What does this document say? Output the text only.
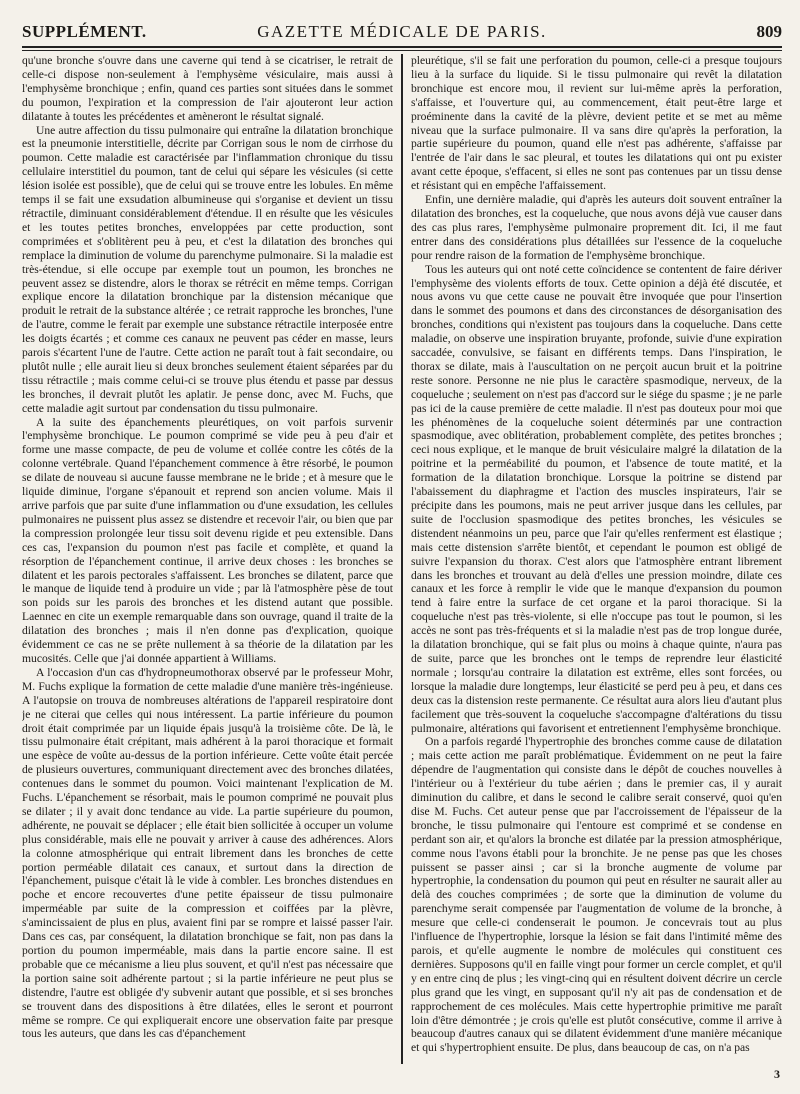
SUPPLÉMENT.	GAZETTE MÉDICALE DE PARIS.	809

qu'une bronche s'ouvre dans une caverne qui tend à se cicatriser, le retrait de celle-ci dispose non-seulement à l'emphysème vésiculaire, mais aussi à l'emphysème bronchique ; enfin, quand ces parties sont situées dans le sommet du poumon, l'expiration et la compression de l'air ajouteront leur action dilatante à toutes les précédentes et amèneront le résultat signalé.

Une autre affection du tissu pulmonaire qui entraîne la dilatation bronchique est la pneumonie interstitielle, décrite par Corrigan sous le nom de cirrhose du poumon. Cette maladie est caractérisée par l'inflammation chronique du tissu cellulaire interstitiel du poumon, tant de celui qui sépare les vésicules (si cette lésion isolée est possible), que de celui qui se trouve entre les lobules. En même temps il se fait une exsudation albumineuse qui s'organise et devient un tissu rétractile, diminuant considérablement d'étendue. Il en résulte que les vésicules et les toutes petites bronches, enveloppées par cette production, sont comprimées et s'oblitèrent peu à peu, et c'est la dilatation des bronches qui remplace la diminution de volume du parenchyme pulmonaire. Si la maladie est très-étendue, si elle occupe par exemple tout un poumon, les bronches ne peuvent assez se distendre, alors le thorax se rétrécit en même temps. Corrigan explique encore la dilatation bronchique par la distension mécanique que produit le retrait de la substance altérée ; ce retrait rapproche les bronches, l'une de l'autre, comme le ferait par exemple une substance rétractile interposée entre les doigts écartés ; et comme ces canaux ne peuvent pas céder en masse, leurs parois s'écartent l'une de l'autre. Cette action ne paraît tout à fait secondaire, ou plutôt nulle ; elle aurait lieu si deux bronches seulement étaient séparées par du tissu rétractile ; mais comme celui-ci se trouve plus étendu et passe par dessus les bronches, il devrait plutôt les aplatir. Je pense donc, avec M. Fuchs, que cette maladie agit surtout par condensation du tissu pulmonaire.

A la suite des épanchements pleurétiques, on voit parfois survenir l'emphysème bronchique. Le poumon comprimé se vide peu à peu d'air et forme une masse compacte, de peu de volume et collée contre les côtés de la colonne vertébrale. Quand l'épanchement commence à être résorbé, le poumon se dilate de nouveau si aucune fausse membrane ne le bride ; et à mesure que le liquide diminue, l'organe s'épanouit et reprend son ancien volume. Mais il arrive parfois que par suite d'une inflammation ou d'une exsudation, les cellules pulmonaires ne puissent plus assez se distendre et recevoir l'air, ou bien que par la compression prolongée leur tissu soit devenu rigide et peu extensible. Dans ces cas, l'expansion du poumon n'est pas facile et complète, et quand la résorption de l'épanchement continue, il arrive deux choses : les bronches se dilatent et les parois pectorales s'affaissent. Les bronches se dilatent, parce que le manque de liquide tend à produire un vide ; par là l'atmosphère pèse de tout son poids sur les parois des bronches et les distend autant que possible. Laennec en cite un exemple remarquable dans son ouvrage, quand il traite de la dilatation des bronches ; mais il n'en donne pas d'explication, quoique évidemment ce cas ne se prête nullement à sa théorie de la dilatation par les mucosités. Celle que j'ai donnée appartient à Williams.

A l'occasion d'un cas d'hydropneumothorax observé par le professeur Mohr, M. Fuchs explique la formation de cette maladie d'une manière très-ingénieuse. A l'autopsie on trouva de nombreuses altérations de l'appareil respiratoire dont je ne citerai que celles qui nous intéressent. La partie inférieure du poumon droit était comprimée par un liquide épais jusqu'à la troisième côte. De là, le tissu pulmonaire était crépitant, mais adhérent à la paroi thoracique et formait une espèce de voûte au-dessus de la portion inférieure. Cette voûte était percée de plusieurs ouvertures, communiquant directement avec des bronches dilatées, contenues dans le sommet du poumon. Voici maintenant l'explication de M. Fuchs. L'épanchement se résorbait, mais le poumon comprimé ne pouvait plus se dilater ; il y avait donc tendance au vide. La partie supérieure du poumon, adhérente, ne pouvait se déplacer ; elle était bien sollicitée à occuper un volume plus considérable, mais elle ne pouvait y arriver à cause des adhérences. Alors la colonne atmosphérique qui entrait librement dans les bronches de cette portion perméable dilatait ces canaux, et surtout dans la direction de l'épanchement, puisque c'était là le vide à combler. Les bronches distendues en poche et encore recouvertes d'une petite épaisseur de tissu pulmonaire imperméable par suite de la compression et coiffées par la plèvre, s'amincissaient de plus en plus, avaient fini par se rompre et laissé passer l'air. Dans ces cas, par conséquent, la dilatation bronchique se fait, non pas dans la portion du poumon imperméable, mais dans la partie encore saine. Il est probable que ce mécanisme a lieu plus souvent, et qu'il n'est pas nécessaire que la portion saine soit adhérente partout ; si la partie inférieure ne peut plus se distendre, l'autre est obligée d'y subvenir autant que possible, et si ses bronches se trouvent dans des dispositions à être dilatées, elles le seront et pourront même se rompre. Ce qui expliquerait encore une observation faite par presque tous les auteurs, que dans les cas d'épanchement

pleurétique, s'il se fait une perforation du poumon, celle-ci a presque toujours lieu à la surface du liquide. Si le tissu pulmonaire qui revêt la dilatation bronchique est encore mou, il revient sur lui-même après la perforation, s'affaisse, et l'ouverture qui, au commencement, était peut-être large et proéminente dans la cavité de la plèvre, devient petite et se met au même niveau que la surface pulmonaire. Il va sans dire qu'après la perforation, la partie supérieure du poumon, quand elle n'est pas adhérente, s'affaisse par l'entrée de l'air dans le sac pleural, et toutes les dilatations qui ont pu exister avant cette époque, s'effacent, si elles ne sont pas contenues par un tissu dense et résistant qui en empêche l'affaissement.

Enfin, une dernière maladie, qui d'après les auteurs doit souvent entraîner la dilatation des bronches, est la coqueluche, que nous avons déjà vue causer dans des cas plus rares, l'emphysème pulmonaire proprement dit. Ici, il me faut entrer dans des considérations plus détaillées sur l'essence de la coqueluche pour rendre raison de la formation de l'emphysème bronchique.

Tous les auteurs qui ont noté cette coïncidence se contentent de faire dériver l'emphysème des violents efforts de toux. Cette opinion a déjà été discutée, et nous avons vu que cette cause ne pouvait être invoquée que pour l'insertion dans le sommet des poumons et dans des circonstances de désorganisation des bronches, conditions qui n'existent pas toujours dans la coqueluche. Dans cette maladie, on observe une inspiration bruyante, profonde, suivie d'une expiration saccadée, convulsive, se faisant en différents temps. Dans l'inspiration, le thorax se dilate, mais à l'auscultation on ne perçoit aucun bruit et la poitrine reste sonore. Personne ne nie plus le caractère spasmodique, nerveux, de la coqueluche ; seulement on n'est pas d'accord sur le siége du spasme ; je ne parle pas ici de la cause première de cette maladie. Il n'est pas douteux pour moi que les phénomènes de la coqueluche soient déterminés par une contraction spasmodique, avec oblitération, probablement complète, des petites bronches ; ceci nous explique, et le manque de bruit vésiculaire malgré la dilatation de la poitrine et la perméabilité du poumon, et l'absence de toute matité, et la formation de la dilatation bronchique. Lorsque la poitrine se distend par l'abaissement du diaphragme et l'action des muscles inspirateurs, l'air se précipite dans les poumons, mais ne peut arriver jusque dans les cellules, par suite de l'occlusion spasmodique des petites bronches, les vésicules se distendent néanmoins un peu, parce que l'air qu'elles renferment est élastique ; mais cette distension s'arrête bientôt, et cependant le poumon est obligé de suivre l'expansion du thorax. C'est alors que l'atmosphère entrant librement dans les bronches et trouvant au delà d'elles une pression moindre, dilate ces canaux et les force à remplir le vide que le manque d'expansion du poumon tend à faire entre la surface de cet organe et la paroi thoracique. Si la coqueluche n'est pas très-violente, si elle n'occupe pas tout le poumon, si les accès ne sont pas très-fréquents et si la maladie n'est pas de trop longue durée, la dilatation bronchique, qui se fait plus ou moins à chaque quinte, n'aura pas de suite, parce que les bronches ont le temps de reprendre leur élasticité normale ; lorsqu'au contraire la dilatation est extrême, elles sont forcées, ou lorsque la maladie dure longtemps, leur élasticité se perd peu à peu, et dans ces deux cas la distension reste permanente. Ce résultat aura alors lieu d'autant plus facilement que très-souvent la coqueluche s'accompagne d'altérations du tissu pulmonaire, altérations qui favorisent et entretiennent l'emphysème bronchique.

On a parfois regardé l'hypertrophie des bronches comme cause de dilatation ; mais cette action me paraît problématique. Évidemment on ne peut la faire dépendre de l'augmentation qui consiste dans le dépôt de couches nouvelles à l'intérieur ou à l'extérieur du tube aérien ; dans le premier cas, il y aurait diminution du calibre, et dans le second le calibre serait conservé, quoi qu'en dise M. Fuchs. Cet auteur pense que par l'accroissement de l'épaisseur de la bronche, le tissu pulmonaire qui l'entoure est comprimé et se condense en perdant son air, et qu'alors la bronche est dilatée par la pression atmosphérique, comme nous l'avons établi pour la bronchite. Je ne pense pas que les choses puissent se passer ainsi ; car si la bronche augmente de volume par hypertrophie, la condensation du poumon qui peut en résulter ne saurait aller au delà des couches comprimées ; de sorte que la diminution de volume du parenchyme serait compensée par l'augmentation de volume de la bronche, à mesure que celle-ci condenserait le poumon. Je concevrais tout au plus l'influence de l'hypertrophie, lorsque la lésion se fait dans l'intimité même des parois, et qu'elle augmente le nombre de molécules qui constituent ces dernières. Supposons qu'il en faille vingt pour former un cercle complet, et qu'il y en entre cinq de plus ; les vingt-cinq qui en résultent doivent décrire un cercle plus grand que les vingt, en supposant qu'il n'y ait pas de condensation et de rapprochement de ces molécules. Mais cette hypertrophie primitive me paraît loin d'être démontrée ; je crois qu'elle est plutôt consécutive, comme il arrive à beaucoup d'autres canaux qui se dilatent évidemment d'une manière mécanique et qui s'hypertrophient ensuite. De plus, dans beaucoup de cas, on n'a pas

3
